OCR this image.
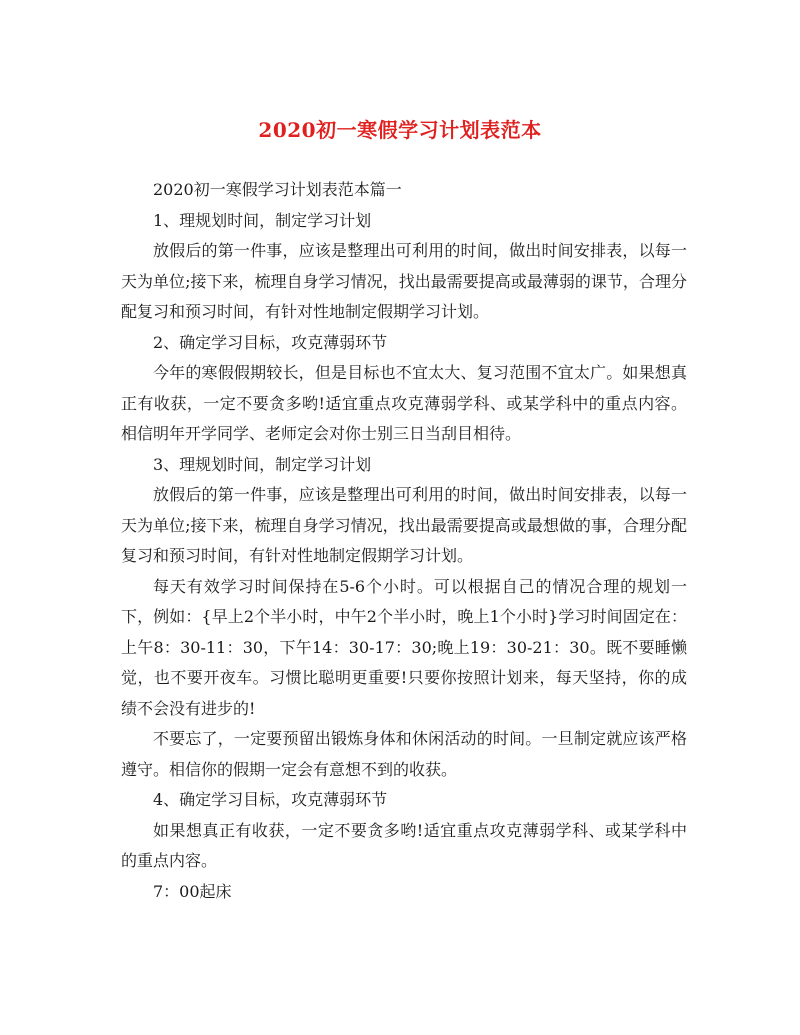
2020初一寒假学习计划表范本

2020初一寒假学习计划表范本篇一

1、理规划时间，制定学习计划

放假后的第一件事，应该是整理出可利用的时间，做出时间安排表，以每一天为单位;接下来，梳理自身学习情况，找出最需要提高或最薄弱的课节，合理分配复习和预习时间，有针对性地制定假期学习计划。

2、确定学习目标，攻克薄弱环节

今年的寒假假期较长，但是目标也不宜太大、复习范围不宜太广。如果想真正有收获，一定不要贪多哟!适宜重点攻克薄弱学科、或某学科中的重点内容。相信明年开学同学、老师定会对你士别三日当刮目相待。

3、理规划时间，制定学习计划

放假后的第一件事，应该是整理出可利用的时间，做出时间安排表，以每一天为单位;接下来，梳理自身学习情况，找出最需要提高或最想做的事，合理分配复习和预习时间，有针对性地制定假期学习计划。

每天有效学习时间保持在5-6个小时。可以根据自己的情况合理的规划一下，例如：{早上2个半小时，中午2个半小时，晚上1个小时}学习时间固定在：上午8：30-11：30，下午14：30-17：30;晚上19：30-21：30。既不要睡懒觉，也不要开夜车。习惯比聪明更重要!只要你按照计划来，每天坚持，你的成绩不会没有进步的!

不要忘了，一定要预留出锻炼身体和休闲活动的时间。一旦制定就应该严格遵守。相信你的假期一定会有意想不到的收获。

4、确定学习目标，攻克薄弱环节

如果想真正有收获，一定不要贪多哟!适宜重点攻克薄弱学科、或某学科中的重点内容。

7：00起床
